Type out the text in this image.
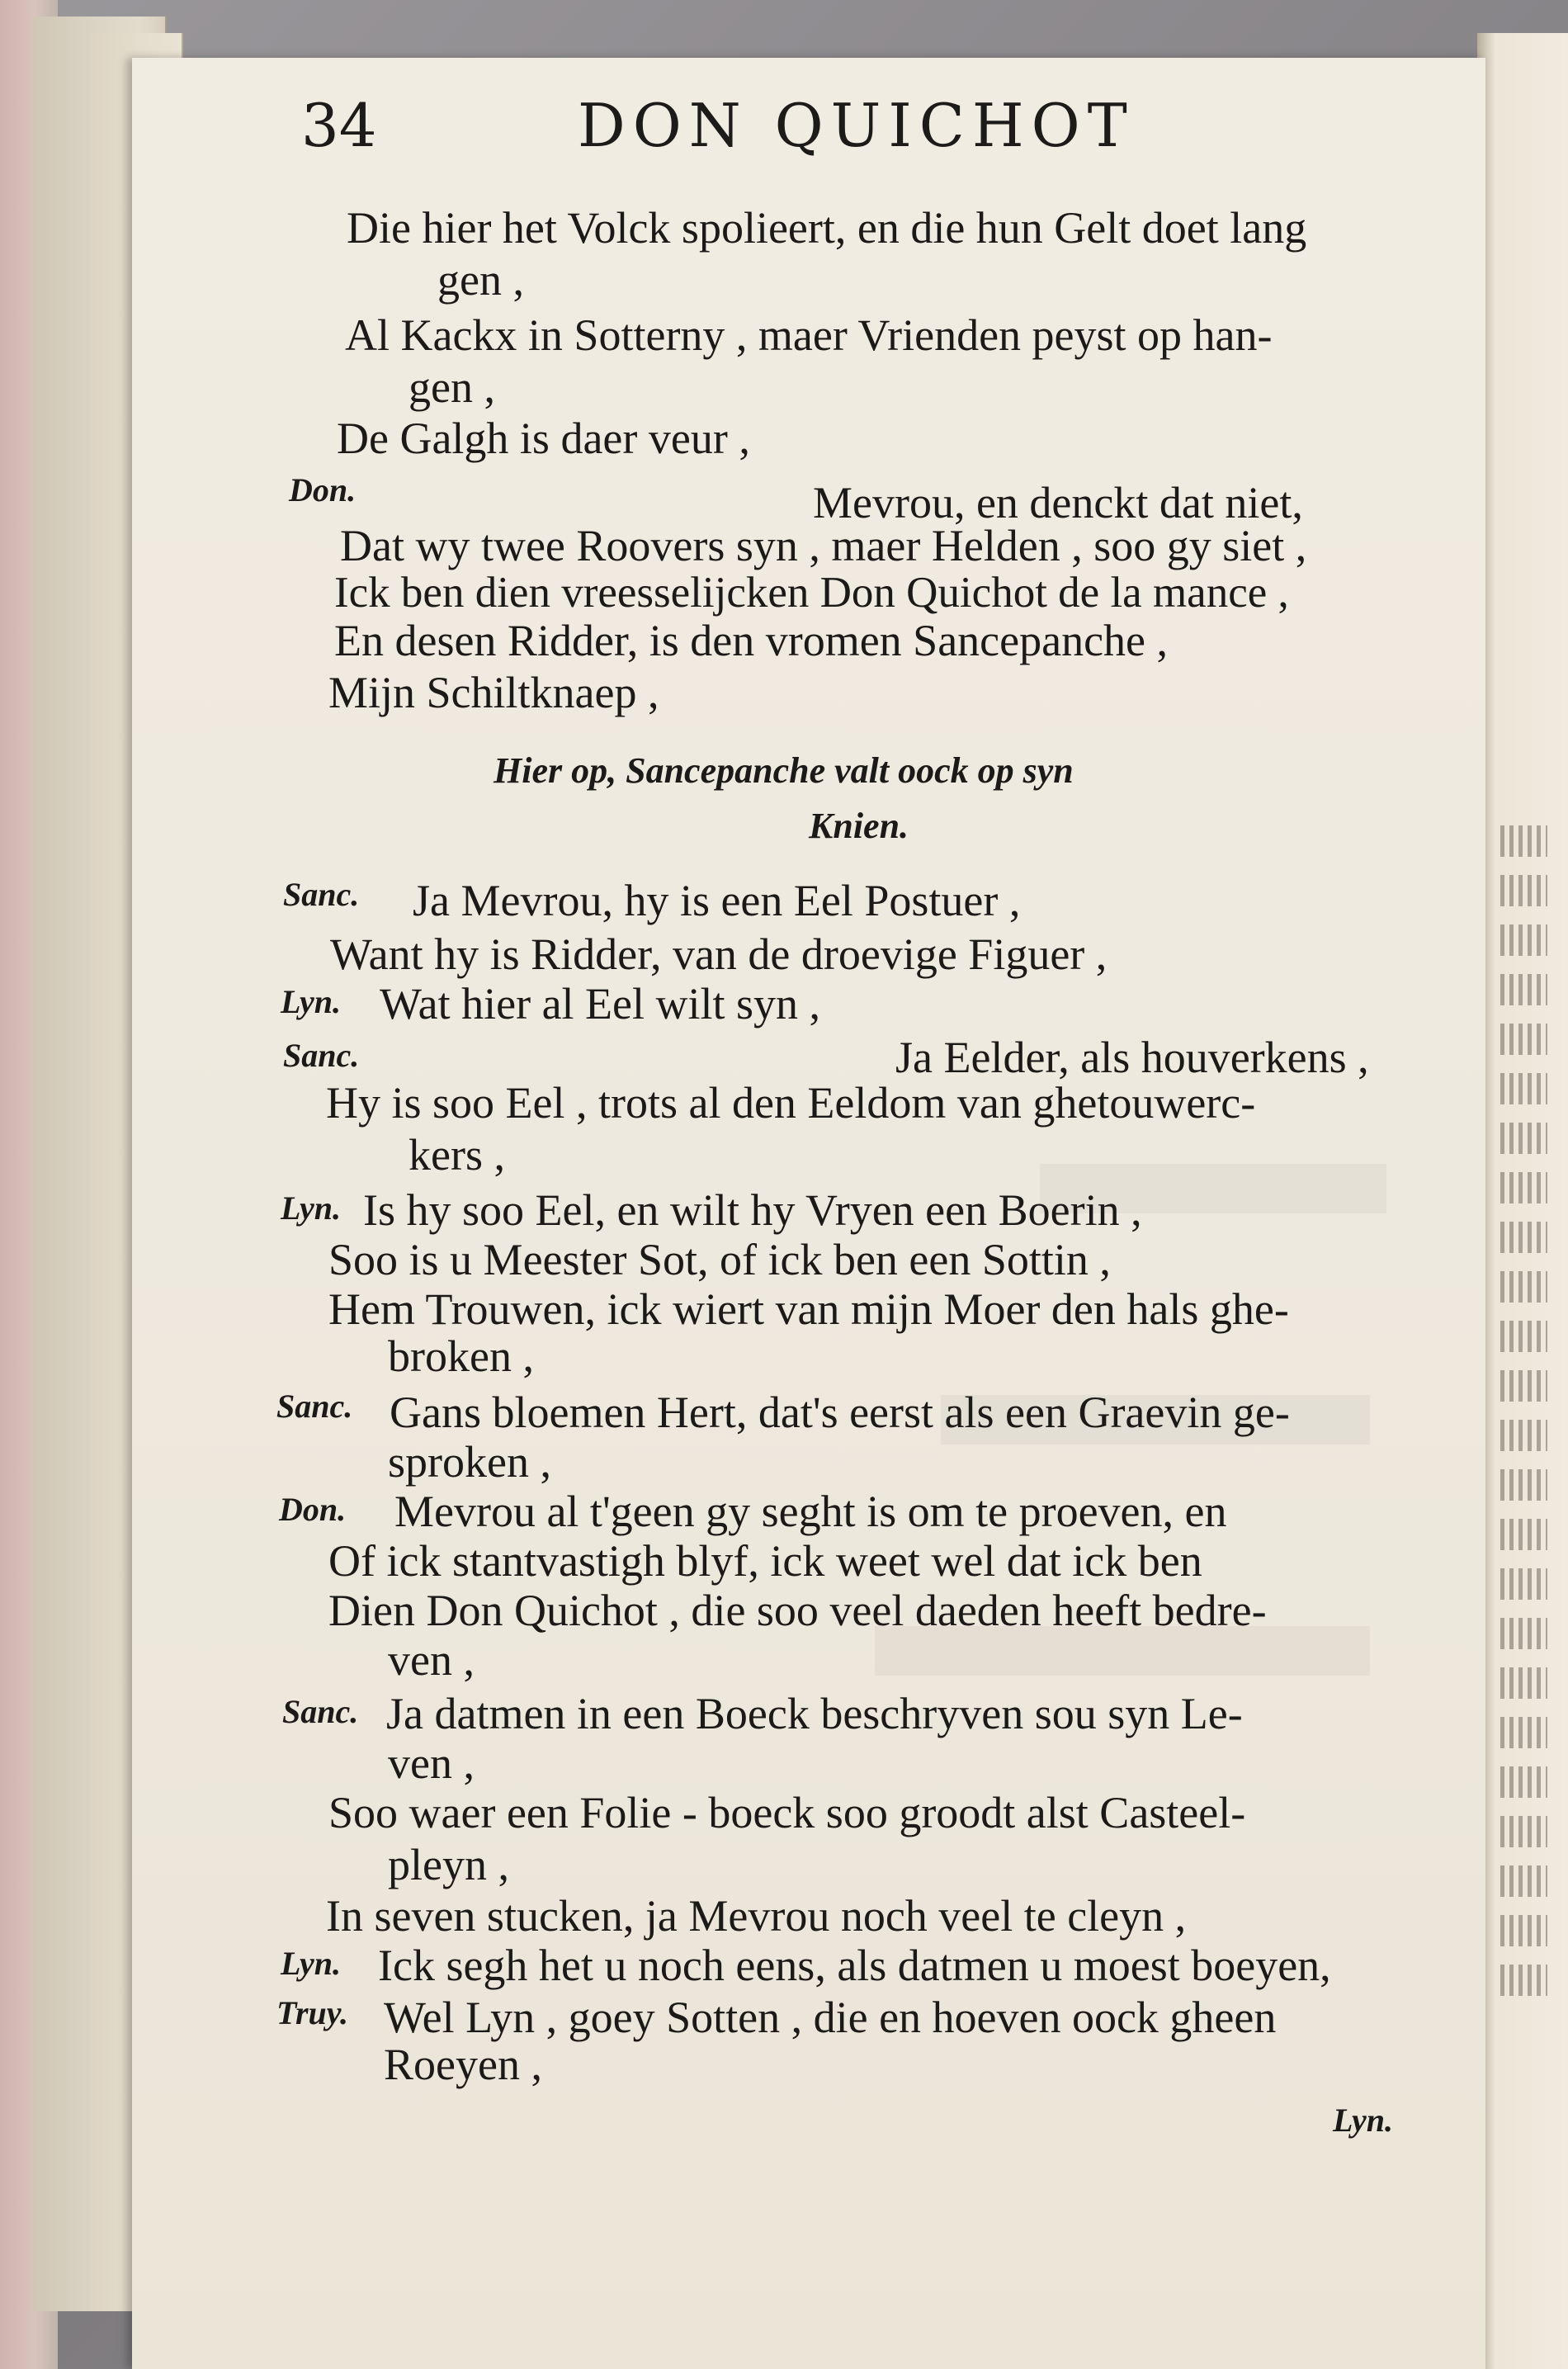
34	DON QUICHOT
Don.
Sanc.
Lyn.
Sanc.
Lyn.
Sanc.
Don.
Sanc.
Lyn.
Truy.
Die hier het Volck spolieert, en die hun Gelt doet lang
gen ,
Al Kackx in Sotterny , maer Vrienden peyst op han-
gen ,
De Galgh is daer veur ,
Mevrou, en denckt dat niet,
Dat wy twee Roovers syn , maer Helden , soo gy siet ,
Ick ben dien vreesselijcken Don Quichot de la mance ,
En desen Ridder, is den vromen Sancepanche ,
Mijn Schiltknaep ,
Hier op, Sancepanche valt oock op syn
Knien.
Ja Mevrou, hy is een Eel Postuer ,
Want hy is Ridder, van de droevige Figuer ,
Wat hier al Eel wilt syn ,
Ja Eelder, als houverkens ,
Hy is soo Eel , trots al den Eeldom van ghetouwerc-
kers ,
Is hy soo Eel, en wilt hy Vryen een Boerin ,
Soo is u Meester Sot, of ick ben een Sottin ,
Hem Trouwen, ick wiert van mijn Moer den hals ghe-
broken ,
Gans bloemen Hert, dat's eerst als een Graevin ge-
sproken ,
Mevrou al t'geen gy seght is om te proeven, en
Of ick stantvastigh blyf, ick weet wel dat ick ben
Dien Don Quichot , die soo veel daeden heeft bedre-
ven ,
Ja datmen in een Boeck beschryven sou syn Le-
ven ,
Soo waer een Folie - boeck soo groodt alst Casteel-
pleyn ,
In seven stucken, ja Mevrou noch veel te cleyn ,
Ick segh het u noch eens, als datmen u moest boeyen,
Wel Lyn , goey Sotten , die en hoeven oock gheen
Roeyen ,
Lyn.
